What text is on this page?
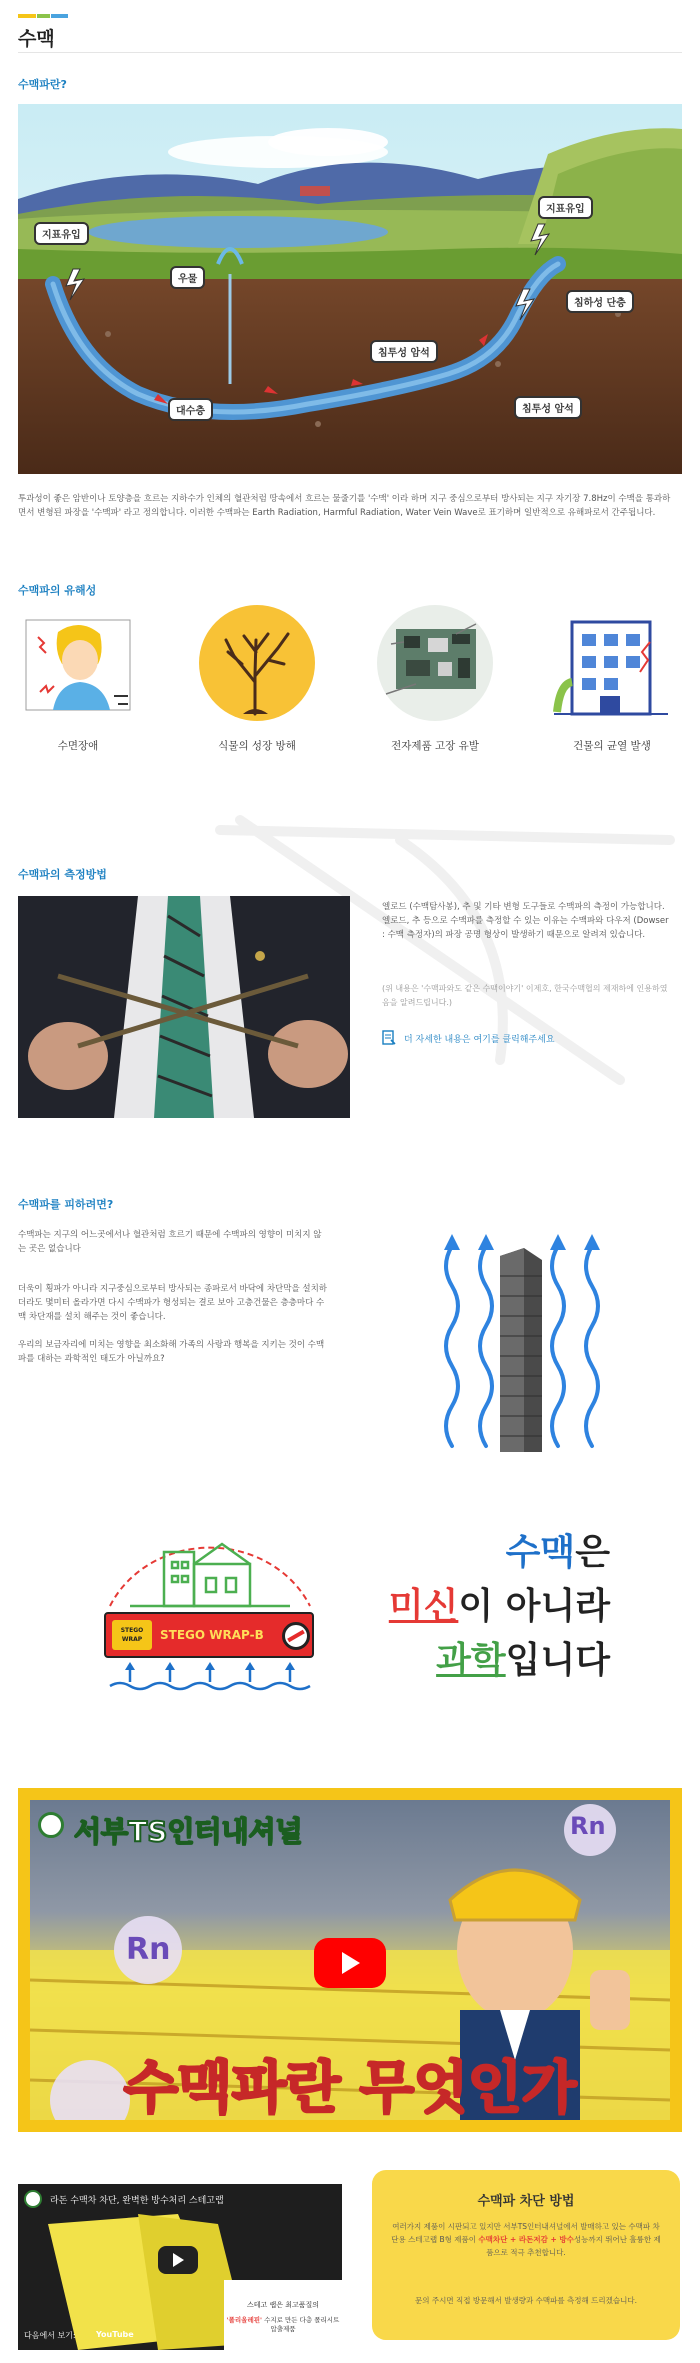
수맥
수맥파란?
지표유입
지표유입
우물
침하성 단층
침투성 암석
침투성 암석
대수층
투과성이 좋은 암반이나 토양층을 흐르는 지하수가 인체의 혈관처럼 땅속에서 흐르는 물줄기를 '수맥' 이라 하며 지구 중심으로부터 방사되는 지구 자기장 7.8Hz이 수맥을 통과하면서 변형된 파장을 '수맥파' 라고 정의합니다. 이러한 수맥파는 Earth Radiation, Harmful Radiation, Water Vein Wave로 표기하며 일반적으로 유해파로서 간주됩니다.
수맥파의 유해성
수면장애	식물의 성장 방해	전자제품 고장 유발	건물의 균열 발생
수맥파의 측정방법
엘로드 (수맥탐사봉), 추 및 기타 변형 도구들로 수맥파의 측정이 가능합니다. 엘로드, 추 등으로 수맥파를 측정할 수 있는 이유는 수맥파와 다우저 (Dowser : 수맥 측정자)의 파장 공명 형상이 발생하기 때문으로 알려져 있습니다.
(위 내용은 '수맥파와도 같은 수맥이야기' 이제호, 한국수맥협의 제재하에 인용하였음을 알려드립니다.)
더 자세한 내용은 여기를 클릭해주세요
수맥파를 피하려면?
수맥파는 지구의 어느곳에서나 혈관처럼 흐르기 때문에 수맥파의 영향이 미치지 않는 곳은 없습니다
더욱이 횡파가 아니라 지구중심으로부터 방사되는 종파로서 바닥에 차단막을 설치하더라도 몇미터 올라가면 다시 수맥파가 형성되는 결로 보아 고층건물은 층층마다 수맥 차단재를 설치 해주는 것이 좋습니다.
우리의 보금자리에 미치는 영향을 최소화해 가족의 사랑과 행복을 지키는 것이 수맥파를 대하는 과학적인 태도가 아닐까요?
STEGO WRAP	STEGO WRAP-B
수맥은
미신이 아니라
과학입니다
서부TS인터내셔널
Rn
Rn
수맥파란 무엇인가
라돈 수맥차 차단, 완벽한 방수처리 스테고랩
다음에서 보기:	YouTube
스테고 랩은 최고품질의
'폴리올레핀' 수지로 만든 다층 폴리시트 압출제품
수맥파 차단 방법
여러가지 제품이 시판되고 있지만 서부TS인터내셔널에서 발매하고 있는 수맥파 차단용 스테고랩 B형 제품이 수맥차단 + 라돈저감 + 방수성능까지 뛰어난 훌륭한 제품으로 적극 추천합니다.
문의 주시면 직접 방문해서 발생량과 수맥파를 측정해 드리겠습니다.
